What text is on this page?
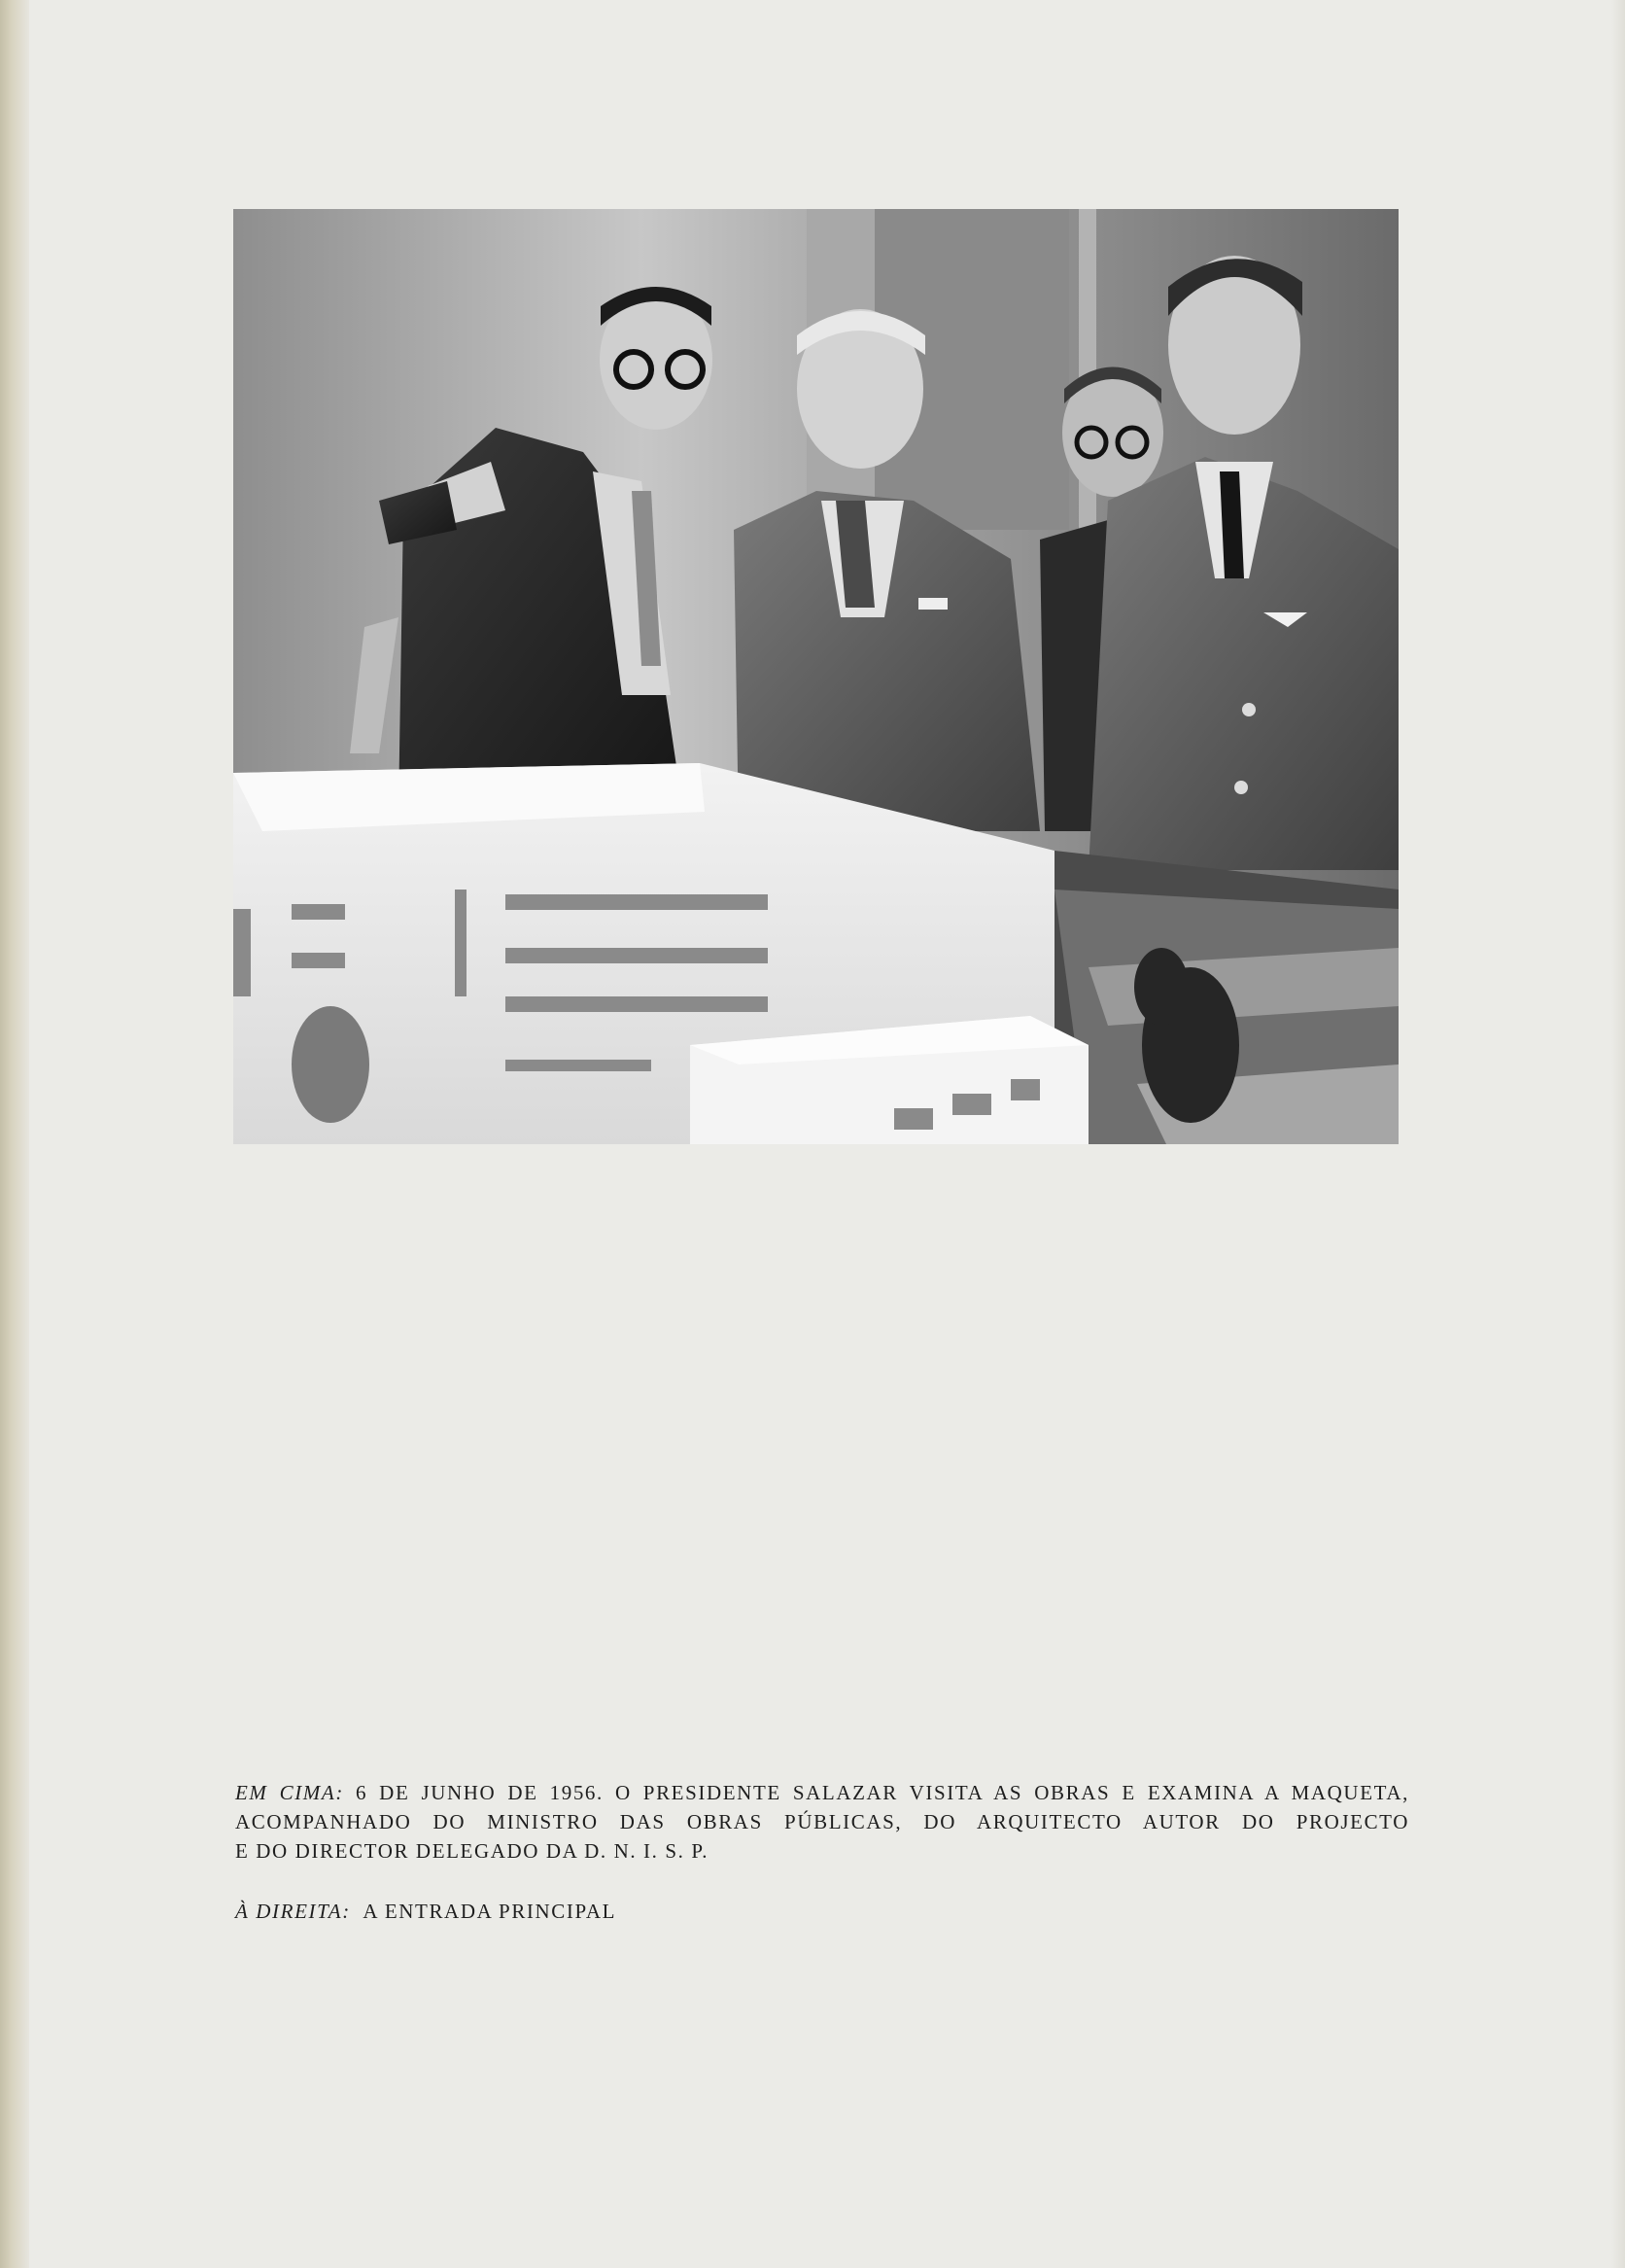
EM CIMA: 6 DE JUNHO DE 1956. O PRESIDENTE SALAZAR VISITA AS OBRAS E EXAMINA A MAQUETA,

ACOMPANHADO DO MINISTRO DAS OBRAS PÚBLICAS, DO ARQUITECTO AUTOR DO PROJECTO

E DO DIRECTOR DELEGADO DA D. N. I. S. P.

À DIREITA: A ENTRADA PRINCIPAL
